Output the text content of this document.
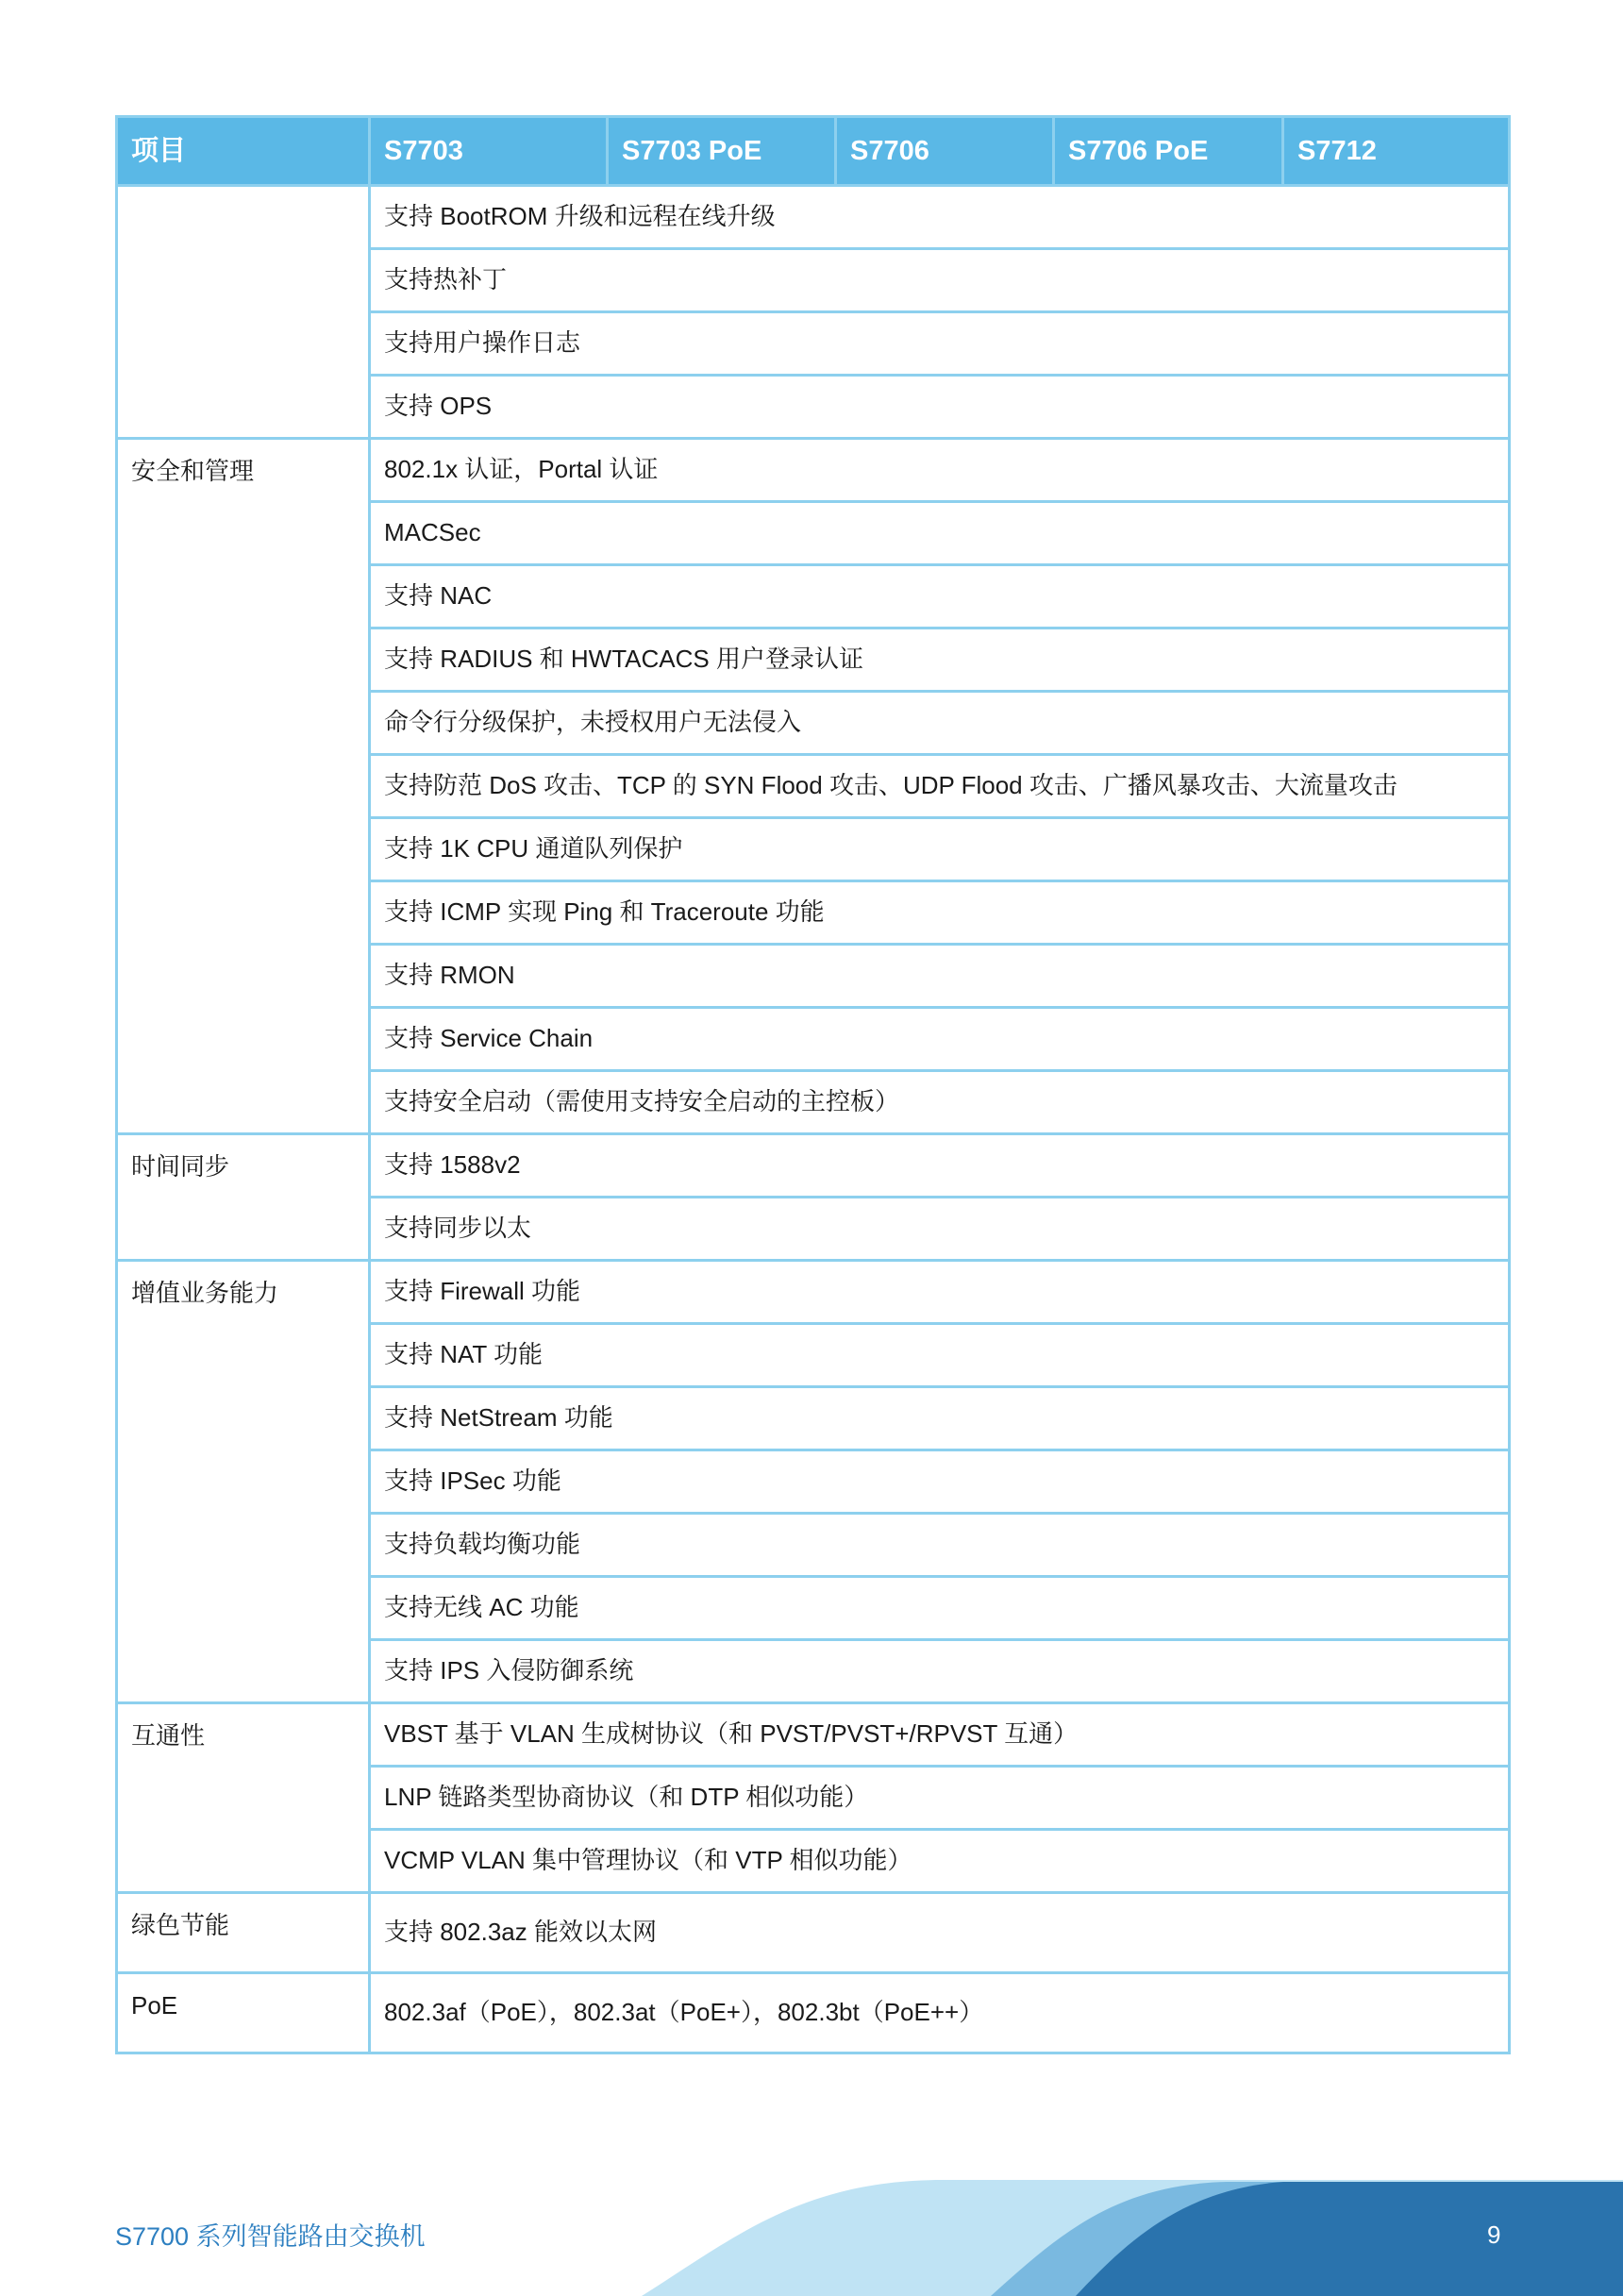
项目	S7703	S7703 PoE	S7706	S7706 PoE	S7712
	支持 BootROM 升级和远程在线升级				
	支持热补丁				
	支持用户操作日志				
	支持 OPS				
安全和管理	802.1x 认证，Portal 认证				
	MACSec				
	支持 NAC				
	支持 RADIUS 和 HWTACACS 用户登录认证				
	命令行分级保护，未授权用户无法侵入				
	支持防范 DoS 攻击、TCP 的 SYN Flood 攻击、UDP Flood 攻击、广播风暴攻击、大流量攻击				
	支持 1K CPU 通道队列保护				
	支持 ICMP 实现 Ping 和 Traceroute 功能				
	支持 RMON				
	支持 Service Chain				
	支持安全启动（需使用支持安全启动的主控板）				
时间同步	支持 1588v2				
	支持同步以太				
增值业务能力	支持 Firewall 功能				
	支持 NAT 功能				
	支持 NetStream 功能				
	支持 IPSec 功能				
	支持负载均衡功能				
	支持无线 AC 功能				
	支持 IPS 入侵防御系统				
互通性	VBST 基于 VLAN 生成树协议（和 PVST/PVST+/RPVST 互通）				
	LNP 链路类型协商协议（和 DTP 相似功能）				
	VCMP VLAN 集中管理协议（和 VTP 相似功能）				
绿色节能	支持 802.3az 能效以太网				
PoE	802.3af（PoE），802.3at（PoE+），802.3bt（PoE++）				
S7700 系列智能路由交换机	9
